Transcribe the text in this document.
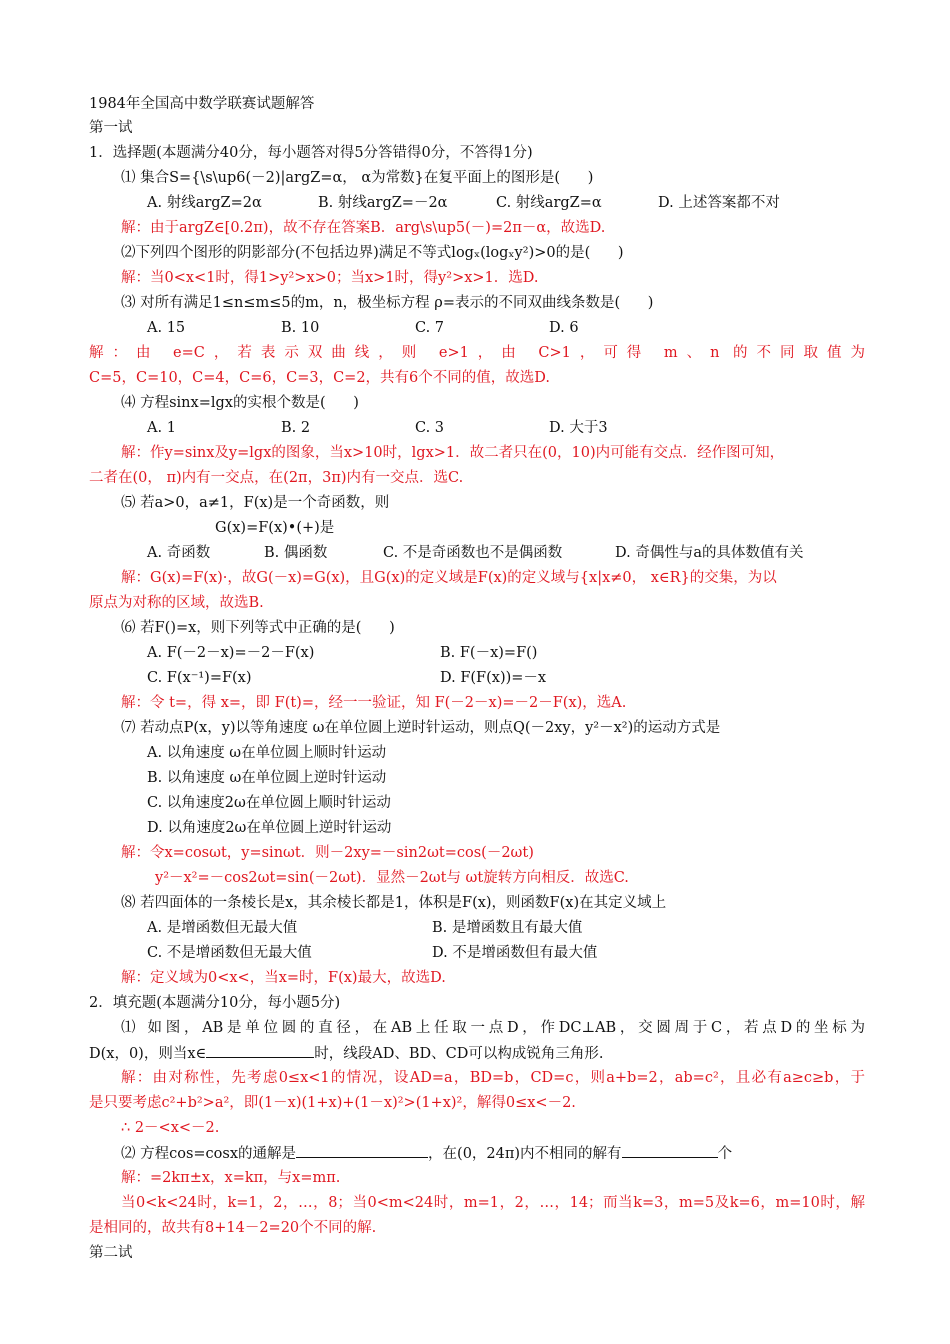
1984年全国高中数学联赛试题解答
第一试
1．选择题(本题满分40分，每小题答对得5分答错得0分，不答得1分)
⑴ 集合S={\s\up6(－2)|argZ=α， α为常数}在复平面上的图形是(      )
A. 射线argZ=2α	B. 射线argZ=－2α	C. 射线argZ=α	D. 上述答案都不对
解：由于argZ∈[0.2π)，故不存在答案B．arg\s\up5(－)=2π－α，故选D.
⑵下列四个图形的阴影部分(不包括边界)满足不等式logₓ(logₓy²)>0的是(      )
解：当0<x<1时，得1>y²>x>0；当x>1时，得y²>x>1．选D.
⑶ 对所有满足1≤n≤m≤5的m，n，极坐标方程 ρ=表示的不同双曲线条数是(      )
A. 15	B. 10	C. 7	D. 6
解：由 e=C，若表示双曲线，则 e>1，由 C>1，可得 m、n 的不同取值为
C=5，C=10，C=4，C=6，C=3，C=2，共有6个不同的值，故选D.
⑷ 方程sinx=lgx的实根个数是(      )
A. 1	B. 2	C. 3	D. 大于3
解：作y=sinx及y=lgx的图象，当x>10时，lgx>1．故二者只在(0，10)内可能有交点．经作图可知，
二者在(0， π)内有一交点，在(2π，3π)内有一交点．选C.
⑸ 若a>0，a≠1，F(x)是一个奇函数，则
G(x)=F(x)•(+)是
A. 奇函数	B. 偶函数	C. 不是奇函数也不是偶函数	D. 奇偶性与a的具体数值有关
解：G(x)=F(x)·，故G(－x)=G(x)，且G(x)的定义域是F(x)的定义域与{x|x≠0， x∈R}的交集，为以
原点为对称的区域，故选B.
⑹ 若F()=x，则下列等式中正确的是(      )
A. F(－2－x)=－2－F(x)	B. F(－x)=F()
C. F(x⁻¹)=F(x)	D. F(F(x))=－x
解：令 t=，得 x=，即 F(t)=，经一一验证，知 F(－2－x)=－2－F(x)，选A.
⑺ 若动点P(x，y)以等角速度 ω在单位圆上逆时针运动，则点Q(－2xy，y²－x²)的运动方式是
A. 以角速度 ω在单位圆上顺时针运动
B. 以角速度 ω在单位圆上逆时针运动
C. 以角速度2ω在单位圆上顺时针运动
D. 以角速度2ω在单位圆上逆时针运动
解：令x=cosωt，y=sinωt．则－2xy=－sin2ωt=cos(－2ωt)
y²－x²=－cos2ωt=sin(－2ωt)．显然－2ωt与 ωt旋转方向相反．故选C.
⑻ 若四面体的一条棱长是x，其余棱长都是1，体积是F(x)，则函数F(x)在其定义域上
A. 是增函数但无最大值	B. 是增函数且有最大值
C. 不是增函数但无最大值	D. 不是增函数但有最大值
解：定义域为0<x<，当x=时，F(x)最大，故选D.
2．填充题(本题满分10分，每小题5分)
⑴ 如图，AB是单位圆的直径，在AB上任取一点D，作DC⊥AB，交圆周于C，若点D的坐标为
D(x，0)，则当x∈	时，线段AD、BD、CD可以构成锐角三角形.
解：由对称性，先考虑0≤x<1的情况，设AD=a，BD=b，CD=c，则a+b=2，ab=c²，且必有a≥c≥b，于
是只要考虑c²+b²>a²，即(1－x)(1+x)+(1－x)²>(1+x)²，解得0≤x<－2.
∴ 2－<x<－2.
⑵ 方程cos=cosx的通解是	，在(0，24π)内不相同的解有	个
解：=2kπ±x，x=kπ，与x=mπ.
当0<k<24时，k=1，2，…，8；当0<m<24时，m=1，2，…，14；而当k=3，m=5及k=6，m=10时，解
是相同的，故共有8+14－2=20个不同的解.
第二试
